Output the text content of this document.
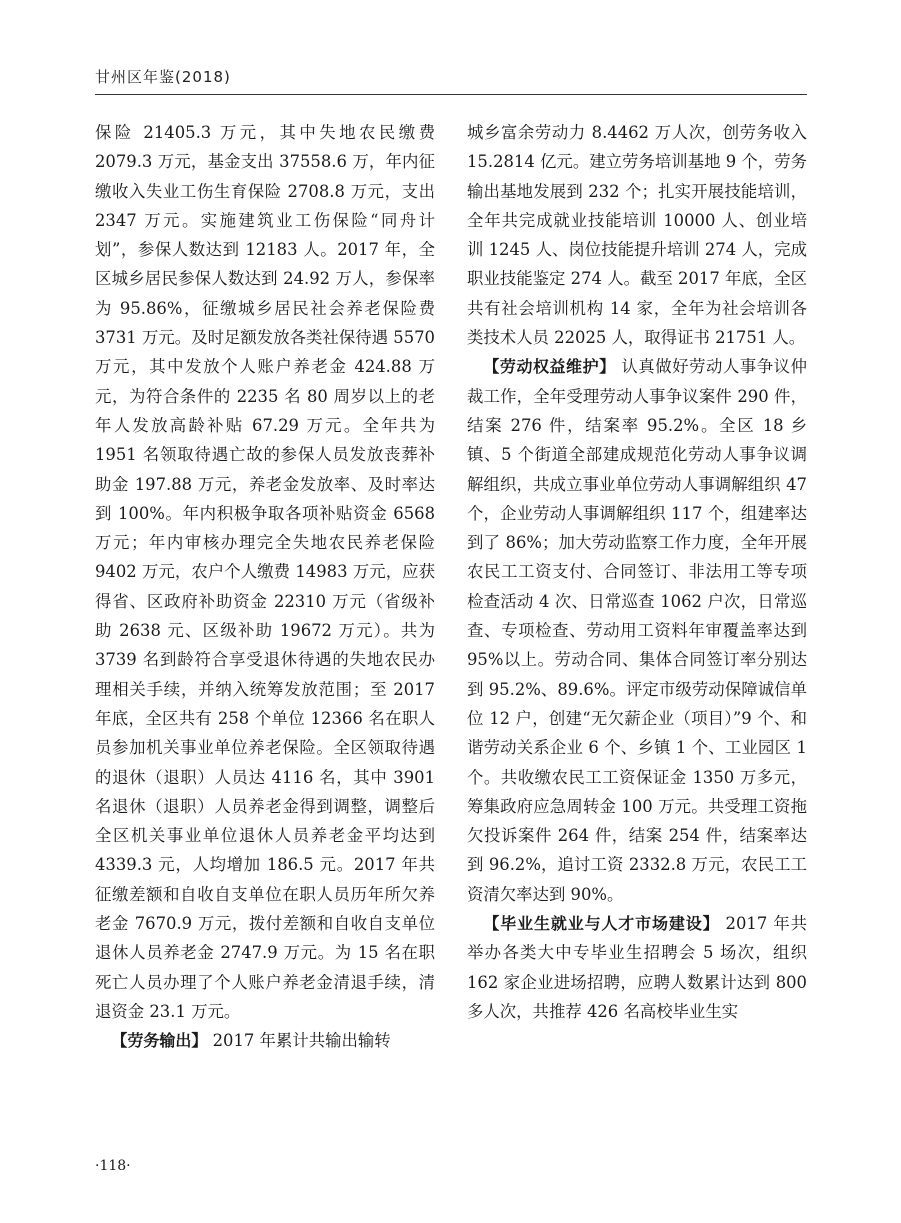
甘州区年鉴(2018)

保险 21405.3 万元，其中失地农民缴费 2079.3 万元，基金支出 37558.6 万，年内征缴收入失业工伤生育保险 2708.8 万元，支出 2347 万元。实施建筑业工伤保险“同舟计划”，参保人数达到 12183 人。2017 年，全区城乡居民参保人数达到 24.92 万人，参保率为 95.86%，征缴城乡居民社会养老保险费 3731 万元。及时足额发放各类社保待遇 5570 万元，其中发放个人账户养老金 424.88 万元，为符合条件的 2235 名 80 周岁以上的老年人发放高龄补贴 67.29 万元。全年共为 1951 名领取待遇亡故的参保人员发放丧葬补助金 197.88 万元，养老金发放率、及时率达到 100%。年内积极争取各项补贴资金 6568 万元；年内审核办理完全失地农民养老保险 9402 万元，农户个人缴费 14983 万元，应获得省、区政府补助资金 22310 万元（省级补助 2638 元、区级补助 19672 万元）。共为 3739 名到龄符合享受退休待遇的失地农民办理相关手续，并纳入统筹发放范围；至 2017 年底，全区共有 258 个单位 12366 名在职人员参加机关事业单位养老保险。全区领取待遇的退休（退职）人员达 4116 名，其中 3901 名退休（退职）人员养老金得到调整，调整后全区机关事业单位退休人员养老金平均达到 4339.3 元，人均增加 186.5 元。2017 年共征缴差额和自收自支单位在职人员历年所欠养老金 7670.9 万元，拨付差额和自收自支单位退休人员养老金 2747.9 万元。为 15 名在职死亡人员办理了个人账户养老金清退手续，清退资金 23.1 万元。

【劳务输出】 2017 年累计共输出输转

城乡富余劳动力 8.4462 万人次，创劳务收入 15.2814 亿元。建立劳务培训基地 9 个，劳务输出基地发展到 232 个；扎实开展技能培训，全年共完成就业技能培训 10000 人、创业培训 1245 人、岗位技能提升培训 274 人，完成职业技能鉴定 274 人。截至 2017 年底，全区共有社会培训机构 14 家，全年为社会培训各类技术人员 22025 人，取得证书 21751 人。

【劳动权益维护】 认真做好劳动人事争议仲裁工作，全年受理劳动人事争议案件 290 件，结案 276 件，结案率 95.2%。全区 18 乡镇、5 个街道全部建成规范化劳动人事争议调解组织，共成立事业单位劳动人事调解组织 47 个，企业劳动人事调解组织 117 个，组建率达到了 86%；加大劳动监察工作力度，全年开展农民工工资支付、合同签订、非法用工等专项检查活动 4 次、日常巡查 1062 户次，日常巡查、专项检查、劳动用工资料年审覆盖率达到 95%以上。劳动合同、集体合同签订率分别达到 95.2%、89.6%。评定市级劳动保障诚信单位 12 户，创建“无欠薪企业（项目）”9 个、和谐劳动关系企业 6 个、乡镇 1 个、工业园区 1 个。共收缴农民工工资保证金 1350 万多元，筹集政府应急周转金 100 万元。共受理工资拖欠投诉案件 264 件，结案 254 件，结案率达到 96.2%，追讨工资 2332.8 万元，农民工工资清欠率达到 90%。

【毕业生就业与人才市场建设】 2017 年共举办各类大中专毕业生招聘会 5 场次，组织 162 家企业进场招聘，应聘人数累计达到 800 多人次，共推荐 426 名高校毕业生实

·118·
